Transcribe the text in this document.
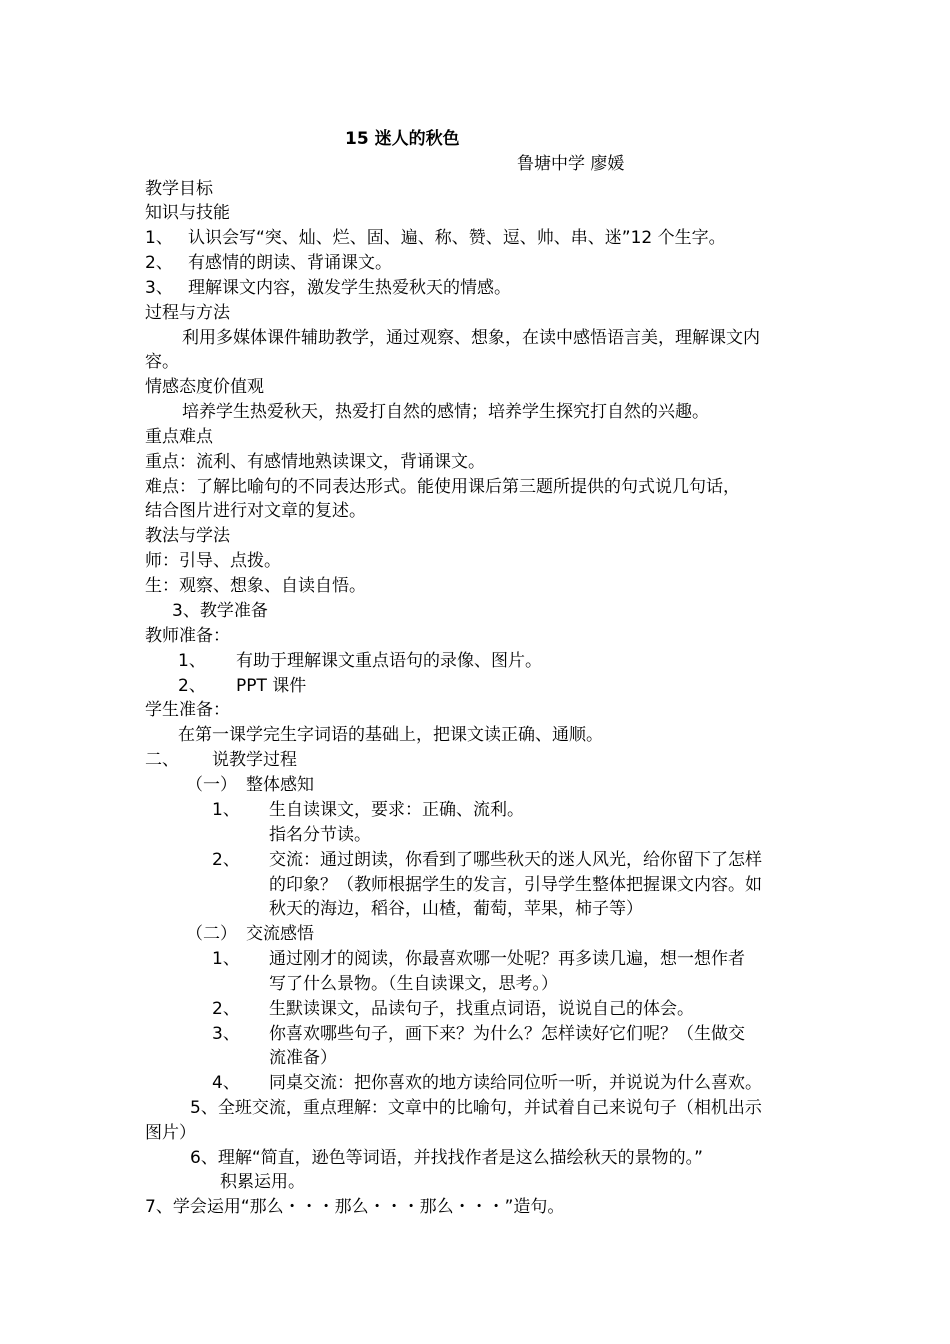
15 迷人的秋色
鲁塘中学 廖媛
教学目标
知识与技能
1、 认识会写“突、灿、烂、固、遍、称、赞、逗、帅、串、迷”12 个生字。
2、 有感情的朗读、背诵课文。
3、 理解课文内容，激发学生热爱秋天的情感。
过程与方法
利用多媒体课件辅助教学，通过观察、想象，在读中感悟语言美，理解课文内
容。
情感态度价值观
培养学生热爱秋天，热爱打自然的感情；培养学生探究打自然的兴趣。
重点难点
重点：流利、有感情地熟读课文，背诵课文。
难点：了解比喻句的不同表达形式。能使用课后第三题所提供的句式说几句话，
结合图片进行对文章的复述。
教法与学法
师：引导、点拨。
生：观察、想象、自读自悟。
3、教学准备
教师准备：
1、 有助于理解课文重点语句的录像、图片。
2、 PPT 课件
学生准备：
在第一课学完生字词语的基础上，把课文读正确、通顺。
二、 说教学过程
（一） 整体感知
1、 生自读课文，要求：正确、流利。
指名分节读。
2、 交流：通过朗读，你看到了哪些秋天的迷人风光，给你留下了怎样
的印象？（教师根据学生的发言，引导学生整体把握课文内容。如
秋天的海边，稻谷，山楂，葡萄，苹果，柿子等）
（二） 交流感悟
1、 通过刚才的阅读，你最喜欢哪一处呢？再多读几遍，想一想作者
写了什么景物。（生自读课文，思考。）
2、 生默读课文，品读句子，找重点词语，说说自己的体会。
3、 你喜欢哪些句子，画下来？为什么？怎样读好它们呢？（生做交
流准备）
4、 同桌交流：把你喜欢的地方读给同位听一听，并说说为什么喜欢。
5、全班交流，重点理解：文章中的比喻句，并试着自己来说句子（相机出示
图片）
6、理解“简直，逊色等词语，并找找作者是这么描绘秋天的景物的。”
积累运用。
7、学会运用“那么・・・那么・・・那么・・・”造句。
